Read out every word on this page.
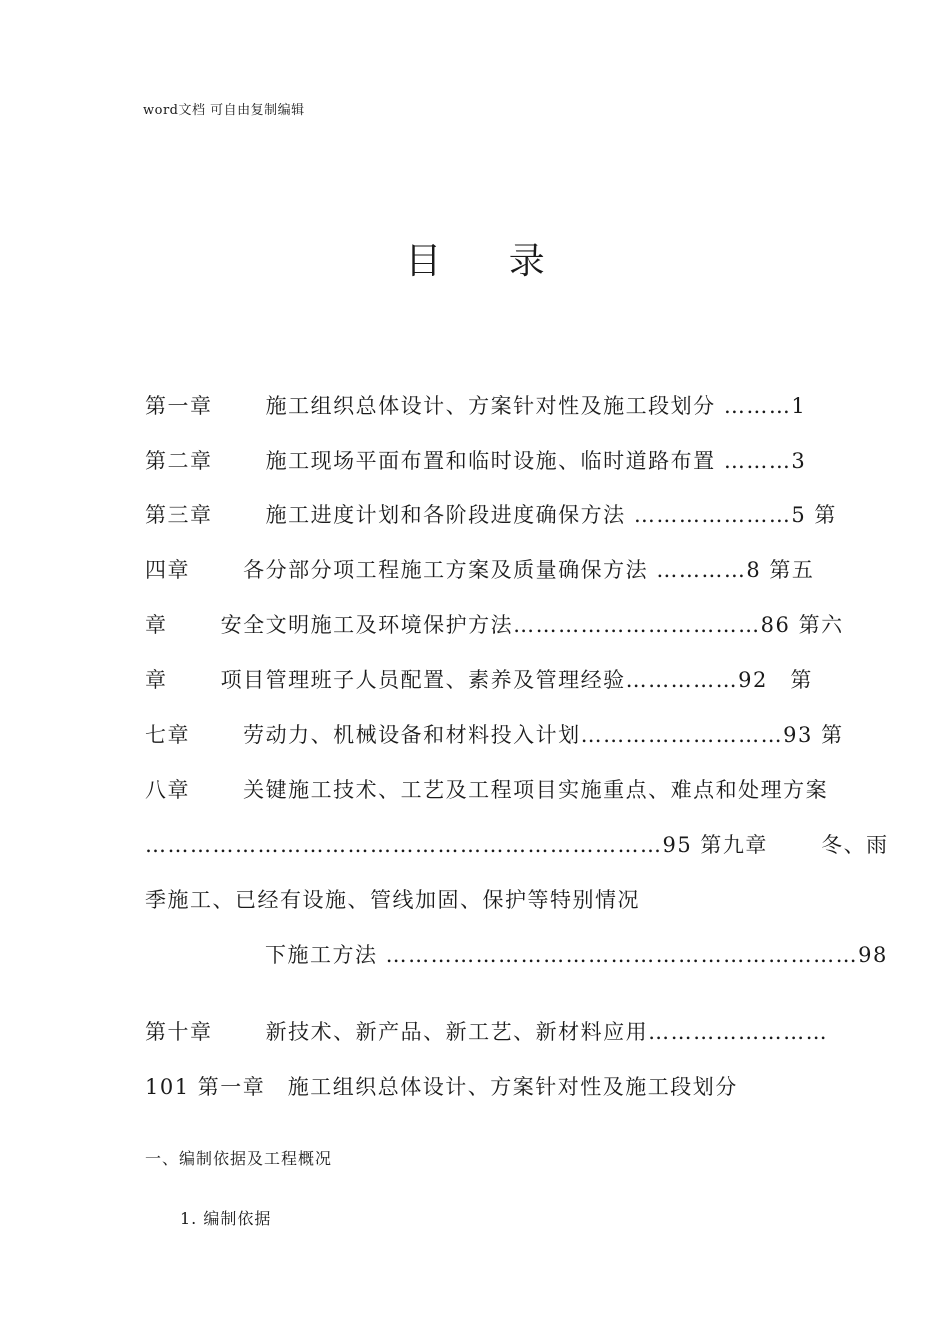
word文档 可自由复制编辑
目 录
第一章　　 施工组织总体设计、方案针对性及施工段划分 ………1
第二章　　 施工现场平面布置和临时设施、临时道路布置 ………3
第三章　　 施工进度计划和各阶段进度确保方法 …………………5 第
四章　　 各分部分项工程施工方案及质量确保方法 …………8 第五
章　　 安全文明施工及环境保护方法……………………………86 第六
章　　 项目管理班子人员配置、素养及管理经验……………92　第
七章　　 劳动力、机械设备和材料投入计划………………………93 第
八章　　 关键施工技术、工艺及工程项目实施重点、难点和处理方案
……………………………………………………………95 第九章　　 冬、雨
季施工、已经有设施、管线加固、保护等特别情况
下施工方法 ………………………………………………………98
第十章　　 新技术、新产品、新工艺、新材料应用……………………
101 第一章　施工组织总体设计、方案针对性及施工段划分
一、编制依据及工程概况
1. 编制依据
